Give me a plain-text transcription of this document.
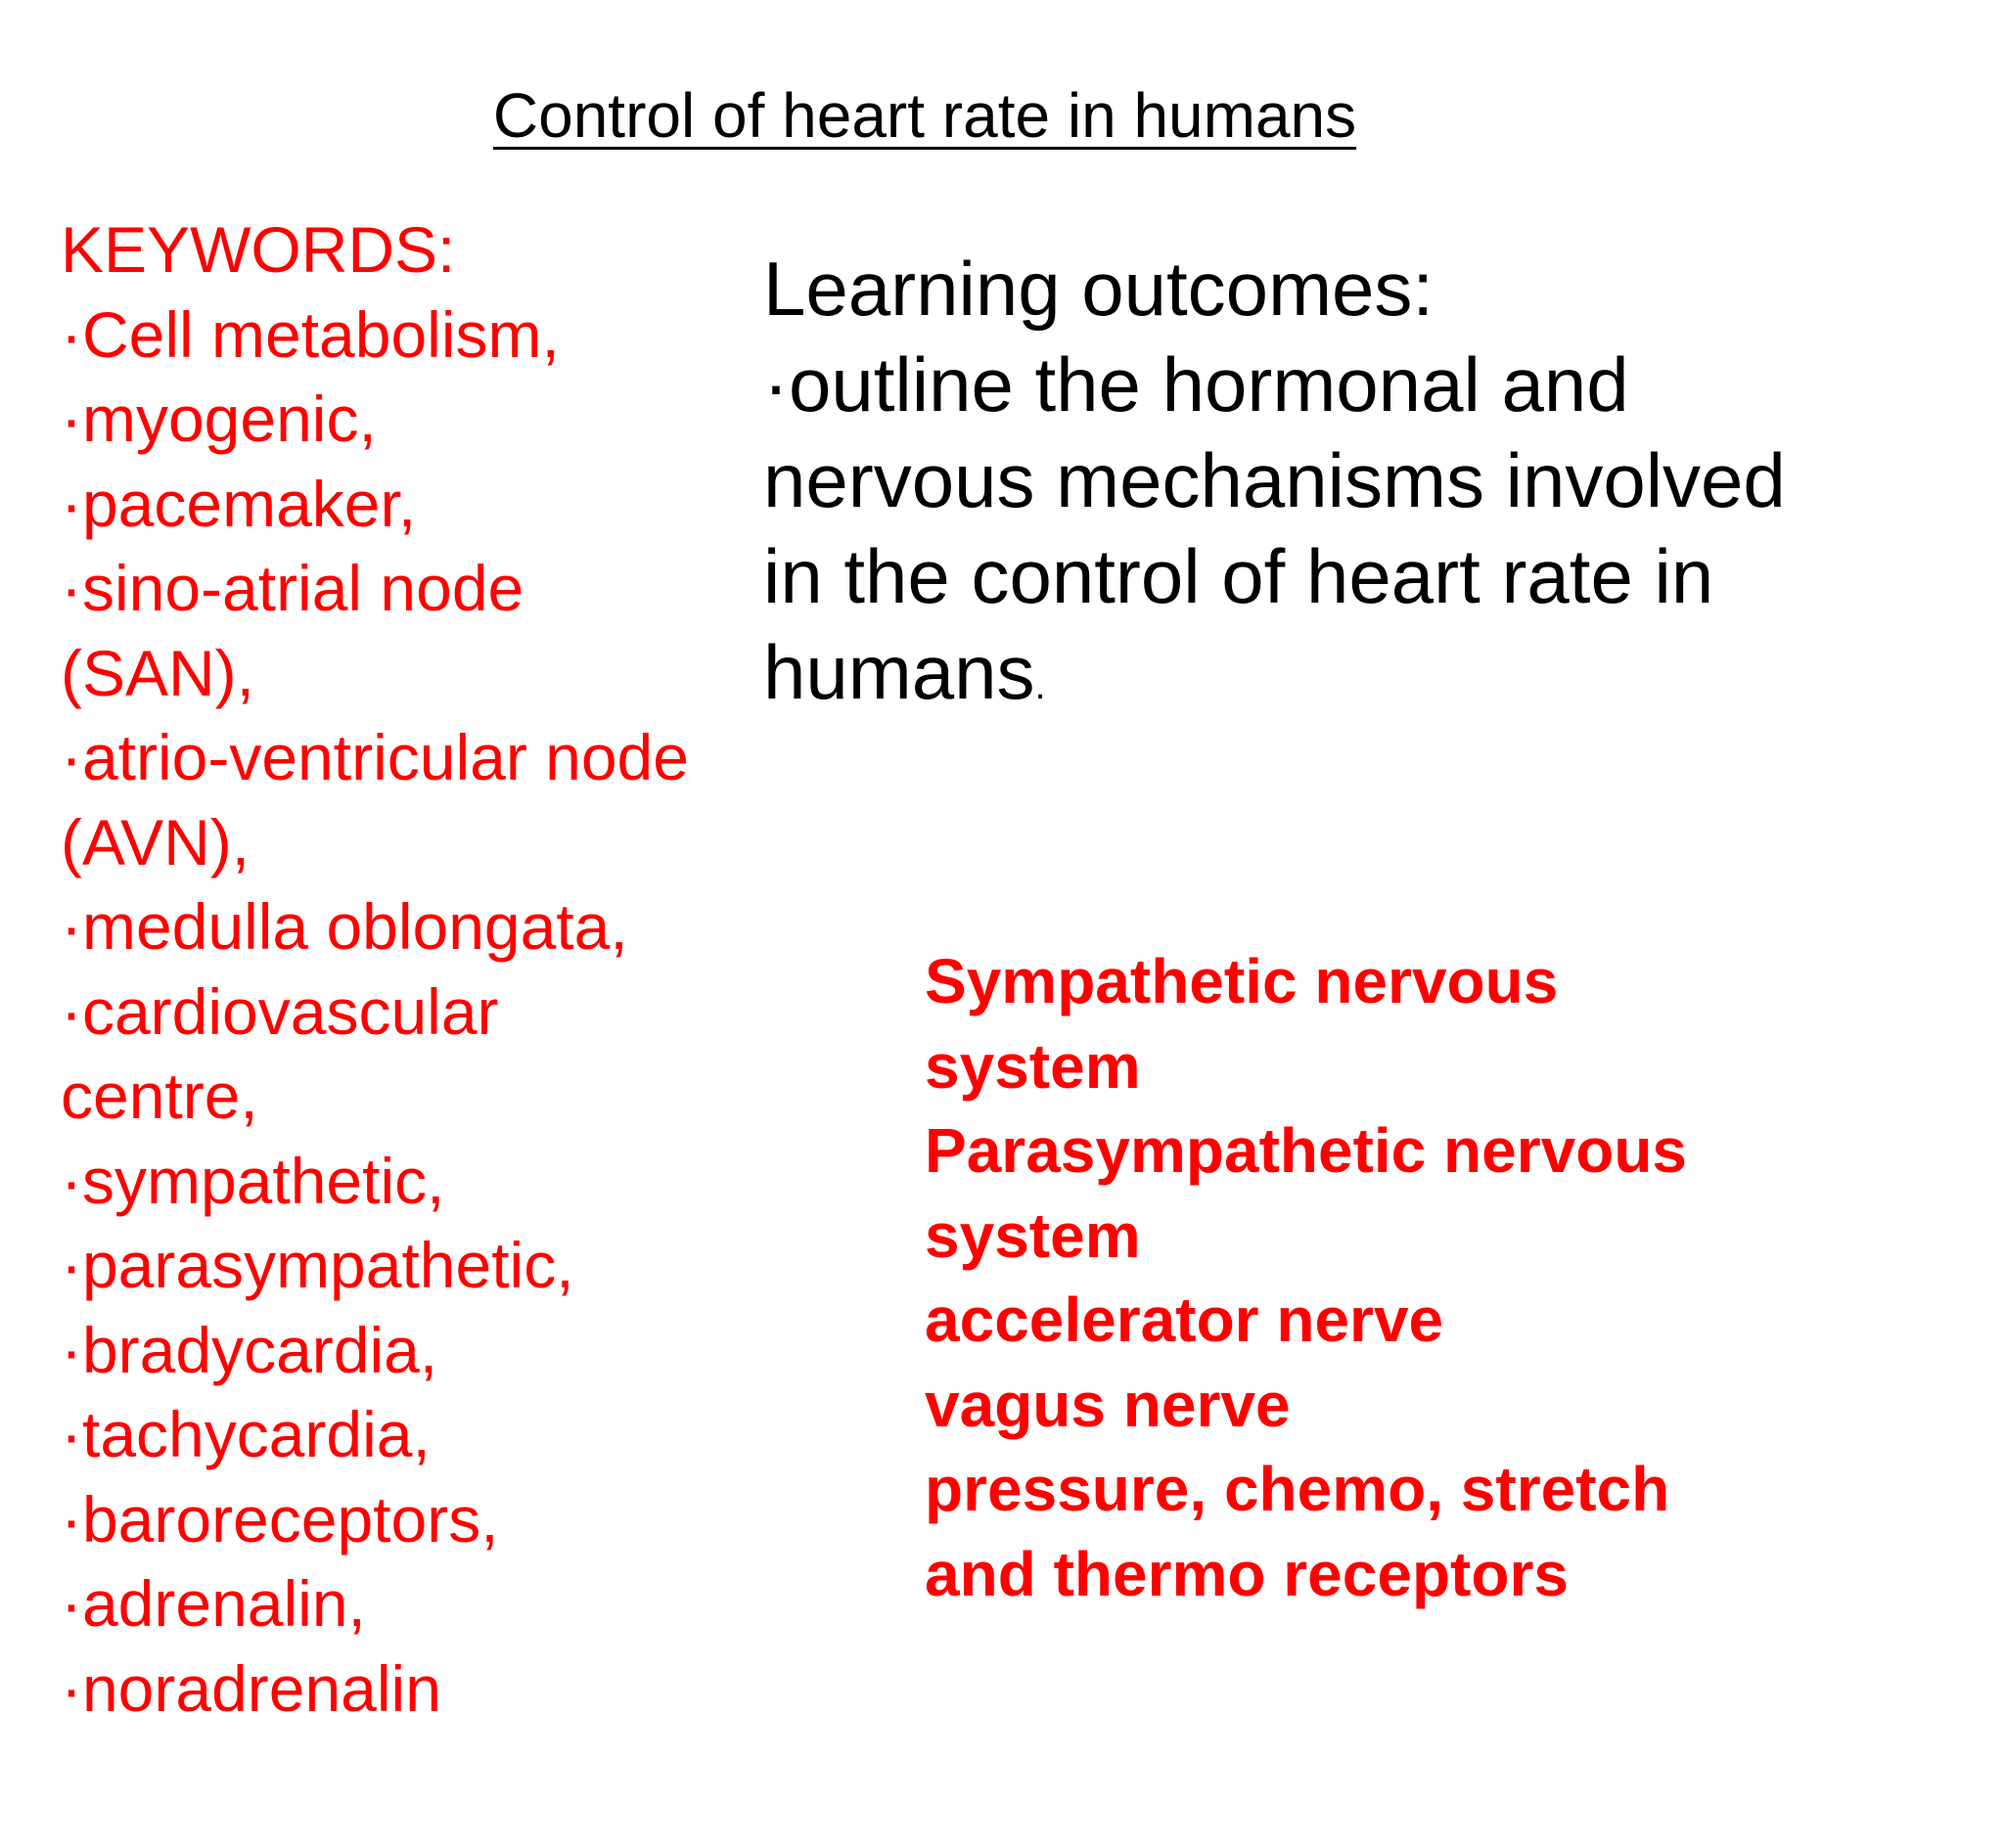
Control of heart rate in humans
KEYWORDS:
·Cell metabolism,
·myogenic,
·pacemaker,
·sino-atrial node
(SAN),
·atrio-ventricular node
(AVN),
·medulla oblongata,
·cardiovascular
centre,
·sympathetic,
·parasympathetic,
·bradycardia,
·tachycardia,
·baroreceptors,
·adrenalin,
·noradrenalin
Learning outcomes:
·outline the hormonal and
nervous mechanisms involved
in the control of heart rate in
humans.
Sympathetic nervous
system
Parasympathetic nervous
system
accelerator nerve
vagus nerve
pressure, chemo, stretch
and thermo receptors
